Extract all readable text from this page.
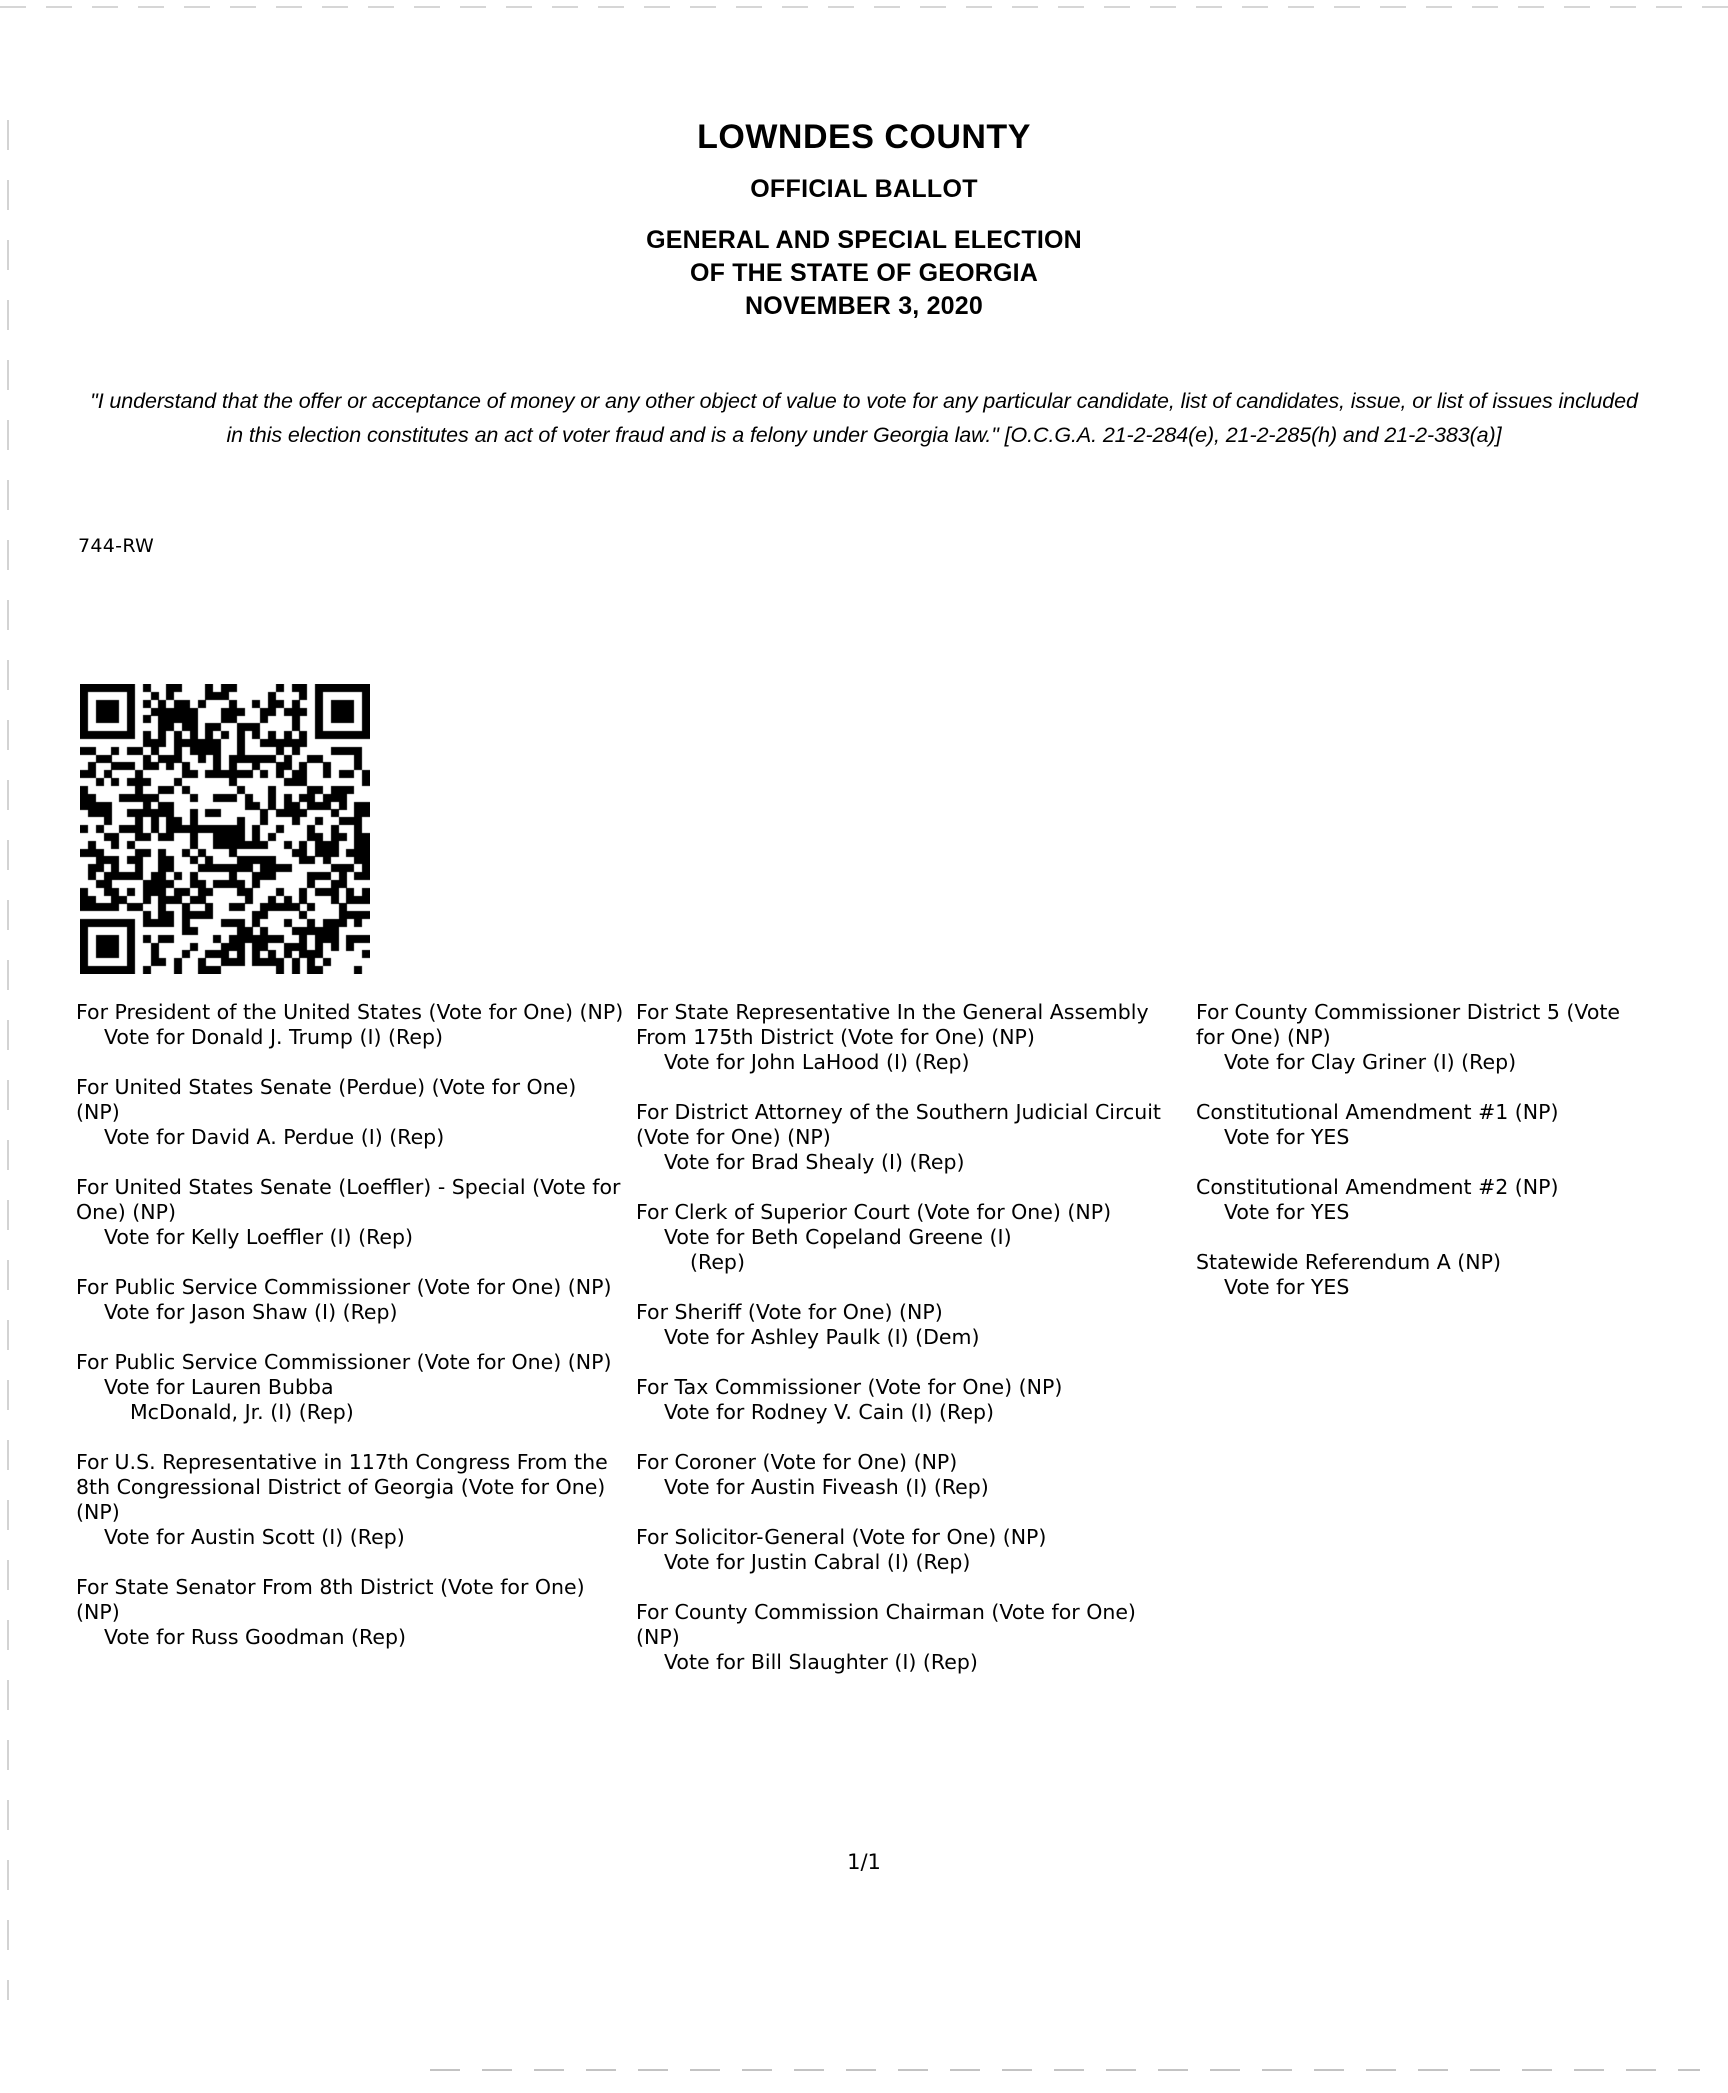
LOWNDES COUNTY
OFFICIAL BALLOT
GENERAL AND SPECIAL ELECTION
OF THE STATE OF GEORGIA
NOVEMBER 3, 2020
"I understand that the offer or acceptance of money or any other object of value to vote for any particular candidate, list of candidates, issue, or list of issues included in this election constitutes an act of voter fraud and is a felony under Georgia law." [O.C.G.A. 21-2-284(e), 21-2-285(h) and 21-2-383(a)]
744-RW
For President of the United States (Vote for One) (NP)
Vote for Donald J. Trump (I) (Rep)
For United States Senate (Perdue) (Vote for One) (NP)
Vote for David A. Perdue (I) (Rep)
For United States Senate (Loeffler) - Special (Vote for One) (NP)
Vote for Kelly Loeffler (I) (Rep)
For Public Service Commissioner (Vote for One) (NP)
Vote for Jason Shaw (I) (Rep)
For Public Service Commissioner (Vote for One) (NP)
Vote for Lauren Bubba
McDonald, Jr. (I) (Rep)
For U.S. Representative in 117th Congress From the 8th Congressional District of Georgia (Vote for One) (NP)
Vote for Austin Scott (I) (Rep)
For State Senator From 8th District (Vote for One) (NP)
Vote for Russ Goodman (Rep)
For State Representative In the General Assembly From 175th District (Vote for One) (NP)
Vote for John LaHood (I) (Rep)
For District Attorney of the Southern Judicial Circuit (Vote for One) (NP)
Vote for Brad Shealy (I) (Rep)
For Clerk of Superior Court (Vote for One) (NP)
Vote for Beth Copeland Greene (I)
(Rep)
For Sheriff (Vote for One) (NP)
Vote for Ashley Paulk (I) (Dem)
For Tax Commissioner (Vote for One) (NP)
Vote for Rodney V. Cain (I) (Rep)
For Coroner (Vote for One) (NP)
Vote for Austin Fiveash (I) (Rep)
For Solicitor-General (Vote for One) (NP)
Vote for Justin Cabral (I) (Rep)
For County Commission Chairman (Vote for One) (NP)
Vote for Bill Slaughter (I) (Rep)
For County Commissioner District 5 (Vote for One) (NP)
Vote for Clay Griner (I) (Rep)
Constitutional Amendment #1 (NP)
Vote for YES
Constitutional Amendment #2 (NP)
Vote for YES
Statewide Referendum A (NP)
Vote for YES
1/1
